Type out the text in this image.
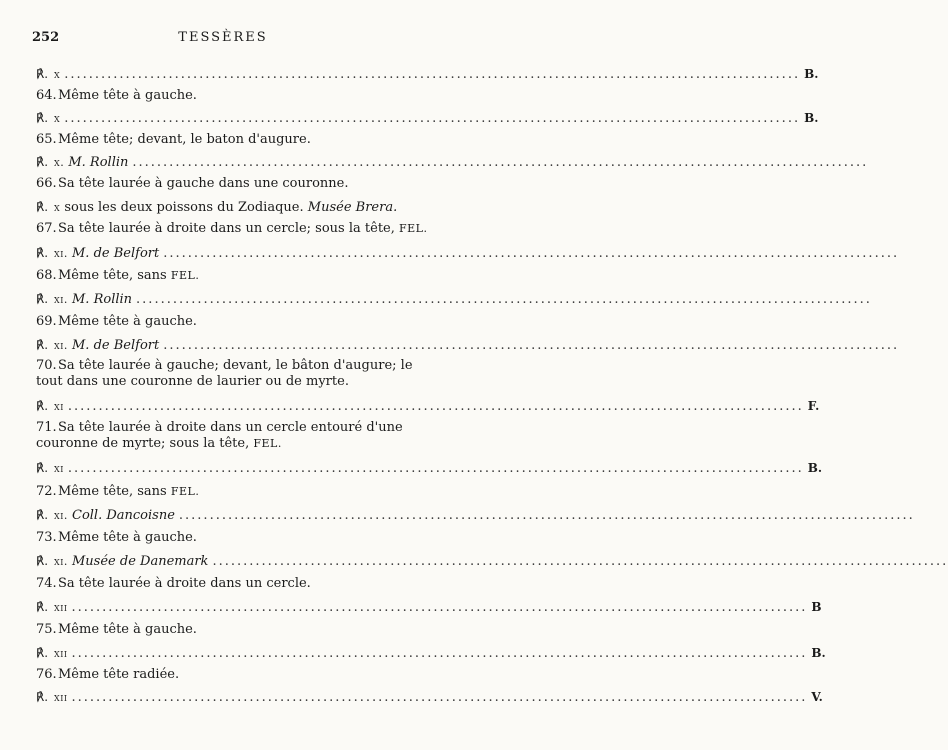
252	TESSÈRES
℟. x ........................................................................................................................ B.
64.Même tête à gauche.
℟. x ........................................................................................................................ B.
65.Même tête; devant, le baton d'augure.
℟. x. M. Rollin ........................................................................................................................
66.Sa tête laurée à gauche dans une couronne.
℟. x sous les deux poissons du Zodiaque. Musée Brera.
67.Sa tête laurée à droite dans un cercle; sous la tête, FEL.
℟. xi. M. de Belfort ........................................................................................................................
68.Même tête, sans FEL.
℟. xi. M. Rollin ........................................................................................................................
69.Même tête à gauche.
℟. xi. M. de Belfort ........................................................................................................................
70.Sa tête laurée à gauche; devant, le bâton d'augure; le
tout dans une couronne de laurier ou de myrte.
℟. xi ........................................................................................................................ F.
71.Sa tête laurée à droite dans un cercle entouré d'une
couronne de myrte; sous la tête, FEL.
℟. xi ........................................................................................................................ B.
72.Même tête, sans FEL.
℟. xi. Coll. Dancoisne ........................................................................................................................
73.Même tête à gauche.
℟. xi. Musée de Danemark ........................................................................................................................
74.Sa tête laurée à droite dans un cercle.
℟. xii ........................................................................................................................ B
75.Même tête à gauche.
℟. xii ........................................................................................................................ B.
76.Même tête radiée.
℟. xii ........................................................................................................................ V.
